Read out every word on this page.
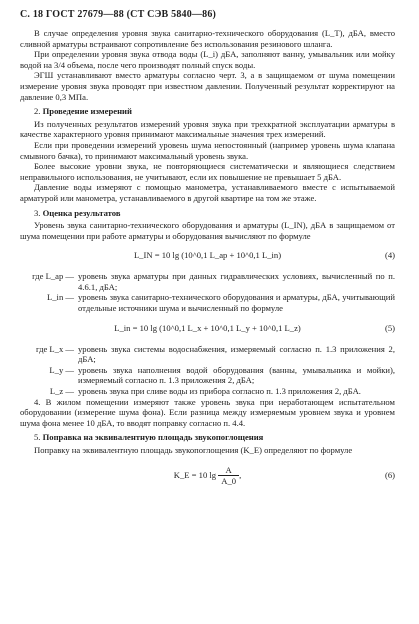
С. 18 ГОСТ 27679—88 (СТ СЭВ 5840—86)

В случае определения уровня звука санитарно-технического оборудования (L_T), дБА, вместо сливной арматуры встраивают сопротивление без использования резинового шланга.

При определении уровня звука отвода воды (L_i) дБА, заполняют ванну, умывальник или мойку водой на 3/4 объема, после чего производят полный спуск воды.

ЭГШ устанавливают вместо арматуры согласно черт. 3, а в защищаемом от шума помещении измерение уровня звука проводят при известном давлении. Полученный результат корректируют на давление 0,3 МПа.

2. Проведение измерений

Из полученных результатов измерений уровня звука при трехкратной эксплуатации арматуры в качестве характерного уровня принимают максимальные значения трех измерений.

Если при проведении измерений уровень шума непостоянный (например уровень шума клапана смывного бачка), то принимают максимальный уровень звука.

Более высокие уровни звука, не повторяющиеся систематически и являющиеся следствием неправильного использования, не учитывают, если их повышение не превышает 5 дБА.

Давление воды измеряют с помощью манометра, устанавливаемого вместе с испытываемой арматурой или манометра, устанавливаемого в другой квартире на том же этаже.

3. Оценка результатов

Уровень звука санитарно-технического оборудования и арматуры (L_IN), дБА в защищаемом от шума помещении при работе арматуры и оборудования вычисляют по формуле

L_IN = 10 lg (10^0,1 L_ap + 10^0,1 L_in)	(4)
где L_ap — уровень звука арматуры при данных гидравлических условиях, вычисленный по п. 4.6.1, дБА;
L_in — уровень звука санитарно-технического оборудования и арматуры, дБА, учитывающий отдельные источники шума и вычисленный по формуле
L_in = 10 lg (10^0,1 L_x + 10^0,1 L_y + 10^0,1 L_z)	(5)
где L_x — уровень звука системы водоснабжения, измеряемый согласно п. 1.3 приложения 2, дБА;
L_y — уровень звука наполнения водой оборудования (ванны, умывальника и мойки), измеряемый согласно п. 1.3 приложения 2, дБА;
L_z — уровень звука при сливе воды из прибора согласно п. 1.3 приложения 2, дБА.

4. В жилом помещении измеряют также уровень звука при неработающем испытательном оборудовании (измерение шума фона). Если разница между измеряемым уровнем звука и уровнем шума фона менее 10 дБА, то вводят поправку согласно п. 4.4.

5. Поправка на эквивалентную площадь звукопоглощения

Поправку на эквивалентную площадь звукопоглощения (K_E) определяют по формуле

K_E = 10 $\lg \frac{A}{A\_0}$ ,	(6)
